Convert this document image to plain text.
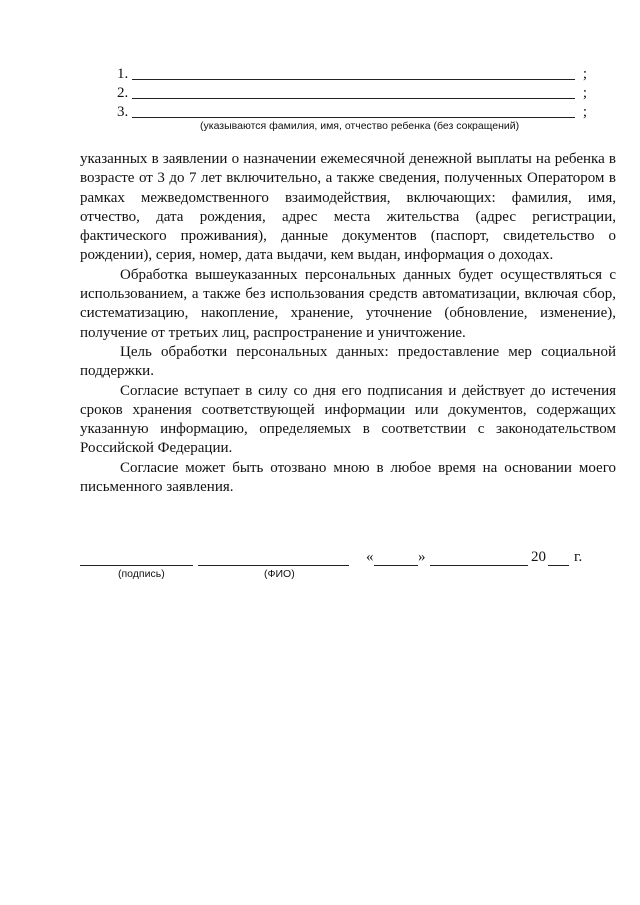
1.	;
2.	;
3.	;
(указываются фамилия, имя, отчество ребенка (без сокращений)

указанных в заявлении о назначении ежемесячной денежной выплаты на ребенка в возрасте от 3 до 7 лет включительно, а также сведения, полученных Оператором в рамках межведомственного взаимодействия, включающих: фамилия, имя, отчество, дата рождения, адрес места жительства (адрес регистрации, фактического проживания), данные документов (паспорт, свидетельство о рождении), серия, номер, дата выдачи, кем выдан, информация о доходах.

Обработка вышеуказанных персональных данных будет осуществляться с использованием, а также без использования средств автоматизации, включая сбор, систематизацию, накопление, хранение, уточнение (обновление, изменение), получение от третьих лиц, распространение и уничтожение.

Цель обработки персональных данных: предоставление мер социальной поддержки.

Согласие вступает в силу со дня его подписания и действует до истечения сроков хранения соответствующей информации или документов, содержащих указанную информацию, определяемых в соответствии с законодательством Российской Федерации.

Согласие может быть отозвано мною в любое время на основании моего письменного заявления.

«	»	20 г.
(подпись)	(ФИО)
